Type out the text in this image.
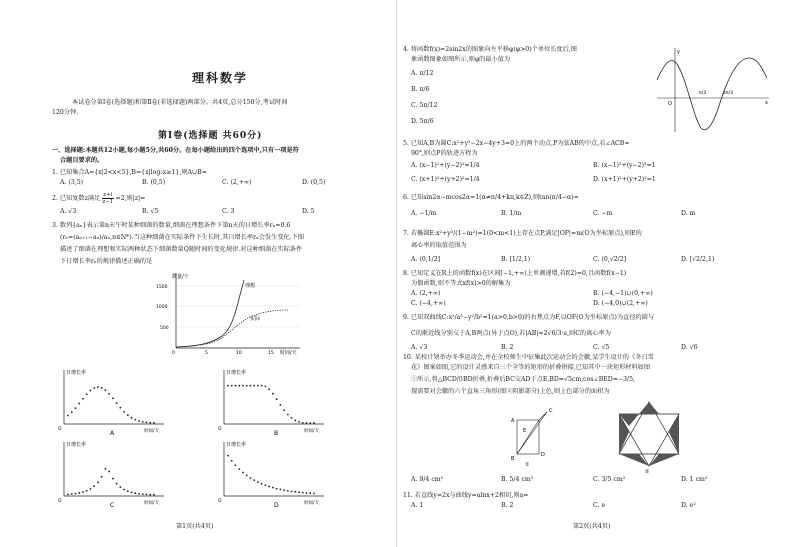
理科数学
本试卷分第Ⅰ卷(选择题)和第Ⅱ卷(非选择题)两部分。共4页,总分150分,考试时间
120分钟。
第Ⅰ卷(选择题 共60分)
一、选择题:本题共12小题,每小题5分,共60分。在每小题给出的四个选项中,只有一项是符
合题目要求的。
1. 已知集合A={x|2<x<5},B={x|log₂x≥1},则A∪B=
A. (3,5)	B. (0,5)	C. (2,+∞)	D. (0,5)
2. 已知复数z满足 $\frac{z+i}{z-1} =2$,则|z|=
A. √3	B. √5	C. 3	D. 5
3. 数列{aₙ}表示第n天午时某种细菌的数量,细菌在理想条件下第n天的日增长率rₙ=0.6
(rₙ=(aₙ₊₁−aₙ)/aₙ,n∈N*).当这种细菌在实际条件下生长时,其日增长率rₙ会发生变化.下图
描述了细菌在理想和实际两种状态下细菌数量Q随时间的变化规律.对这种细菌在实际条件
下日增长率rₙ的规律描述正确的是
数量/个
1500
1000
500
0	5	10	15 时间/天
理想
实际
日增长率
O	时间/天
A
日增长率
O	时间/天
B
日增长率
O	时间/天
C
日增长率
O	时间/天
D
第1页(共4页)
4. 将函数f(x)=2sin2x的图象向左平移φ(φ>0)个单位长度后,图
象函数图象如图所示,则φ的最小值为
A. π/12
B. π/6
C. 5π/12
D. 5π/6
y
x
O
π/3	2π/3
5. 已知A,B为圆C:x²+y²−2x−4y+3=0上的两个动点,P为弦AB的中点,若∠ACB=
90°,则点P的轨迹方程为
A. (x−1)²+(y−2)²=1/4	B. (x−1)²+(y−2)²=1
C. (x+1)²+(y+2)²=1/4	D. (x+1)²+(y+2)²=1
6. 已知sin2α−mcos2α=1(α≠π/4+kπ,k∈Z),则tan(π/4−α)=
A. −1/m	B. 1/m	C. −m	D. m
7. 若椭圆E:x²+y²/(1−m²)=1(0<m<1)上存在点P,满足|OP|=m(O为坐标原点),则E的
离心率的取值范围为
A. (0,1/2]	B. [1/2,1)	C. (0,√2/2]	D. [√2/2,1)
8. 已知定义在R上的函数f(x)在区间[−1,+∞)上单调递增,若f(2)=0,且函数f(x−1)
为偶函数,则不等式xf(x)>0的解集为
A. (2,+∞)	B. (−4,−1)∪(0,+∞)
C. (−4,+∞)	D. (−4,0)∪(2,+∞)
9. 已知双曲线C:x²/a²−y²/b²=1(a>0,b>0)的右焦点为F,以OF(O为坐标原点)为直径的圆与
C的渐近线分别交于A,B两点(异于点O),若|AB|=2√6/3·a,则C的离心率为
A. √3	B. 2	C. √5	D. √6
10. 某校计划举办冬季运动会,并在全校师生中征集此次运动会的会徽,某学生设计的《冬日雪
花》图案如图,它的设计灵感来自三个全等的矩形的折叠拼接,已知其中一块矩形材料如图
①所示,将△BCD沿BD折叠,折叠后BC交AD于点E,BD=√5cm,cos∠BED=−3/5,
现需要对会徽的六个直角三角形(图②阴影部分)上色,则上色部分的面积为
A
B
C
D
E
①
②
A. 9/4 cm²	B. 5/4 cm²	C. 3/5 cm²	D. 1 cm²
11. 若直线y=2x与曲线y=alnx+2相切,则a=
A. 1	B. 2	C. e	D. e²
第2页(共4页)
